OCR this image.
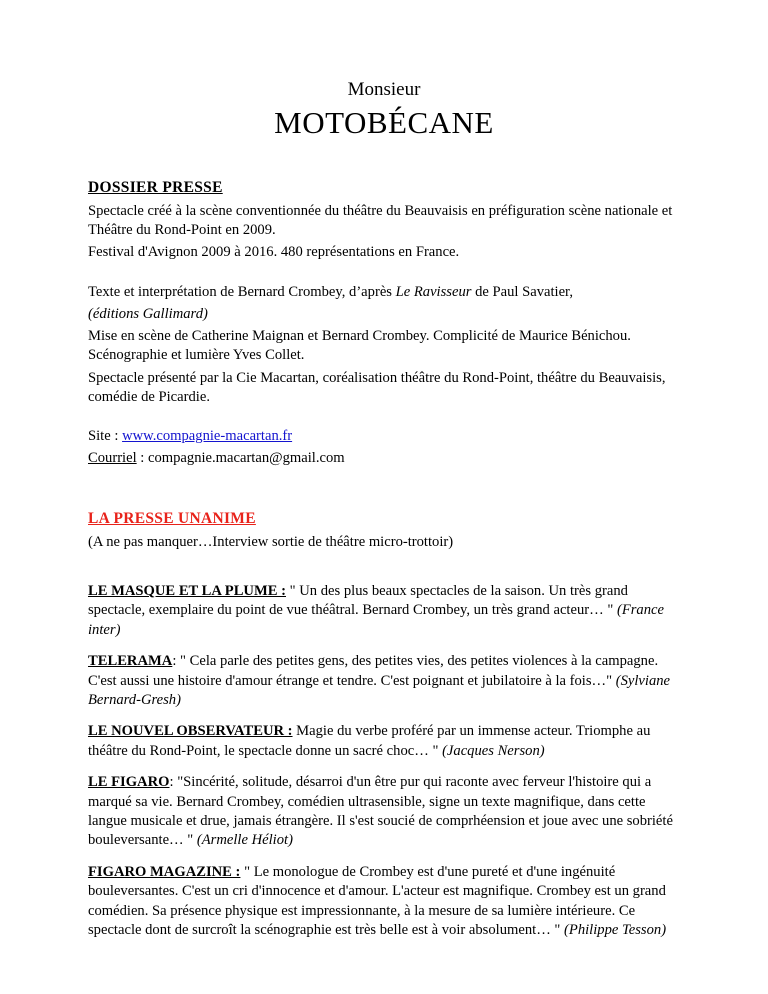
Monsieur
MOTOBÉCANE
DOSSIER PRESSE

Spectacle créé à la scène conventionnée du théâtre du Beauvaisis en préfiguration scène nationale et Théâtre du Rond-Point en 2009.

Festival d'Avignon 2009 à 2016. 480 représentations en France.

Texte et interprétation de Bernard Crombey, d’après Le Ravisseur de Paul Savatier,

(éditions Gallimard)

Mise en scène de Catherine Maignan et Bernard Crombey. Complicité de Maurice Bénichou. Scénographie et lumière Yves Collet.

Spectacle présenté par la Cie Macartan, coréalisation théâtre du Rond-Point, théâtre du Beauvaisis, comédie de Picardie.

Site : www.compagnie-macartan.fr

Courriel : compagnie.macartan@gmail.com

LA PRESSE UNANIME

(A ne pas manquer…Interview sortie de théâtre micro-trottoir)

LE MASQUE ET LA PLUME : " Un des plus beaux spectacles de la saison. Un très grand spectacle, exemplaire du point de vue théâtral. Bernard Crombey, un très grand acteur… " (France inter)

TELERAMA: " Cela parle des petites gens, des petites vies, des petites violences à la campagne. C'est aussi une histoire d'amour étrange et tendre. C'est poignant et jubilatoire à la fois…" (Sylviane Bernard-Gresh)

LE NOUVEL OBSERVATEUR : Magie du verbe proféré par un immense acteur. Triomphe au théâtre du Rond-Point, le spectacle donne un sacré choc… " (Jacques Nerson)

LE FIGARO: "Sincérité, solitude, désarroi d'un être pur qui raconte avec ferveur l'histoire qui a marqué sa vie. Bernard Crombey, comédien ultrasensible, signe un texte magnifique, dans cette langue musicale et drue, jamais étrangère. Il s'est soucié de comprhéension et joue avec une sobriété bouleversante… " (Armelle Héliot)

FIGARO MAGAZINE : " Le monologue de Crombey est d'une pureté et d'une ingénuité bouleversantes. C'est un cri d'innocence et d'amour. L'acteur est magnifique. Crombey est un grand comédien. Sa présence physique est impressionnante, à la mesure de sa lumière intérieure. Ce spectacle dont de surcroît la scénographie est très belle est à voir absolument… " (Philippe Tesson)
